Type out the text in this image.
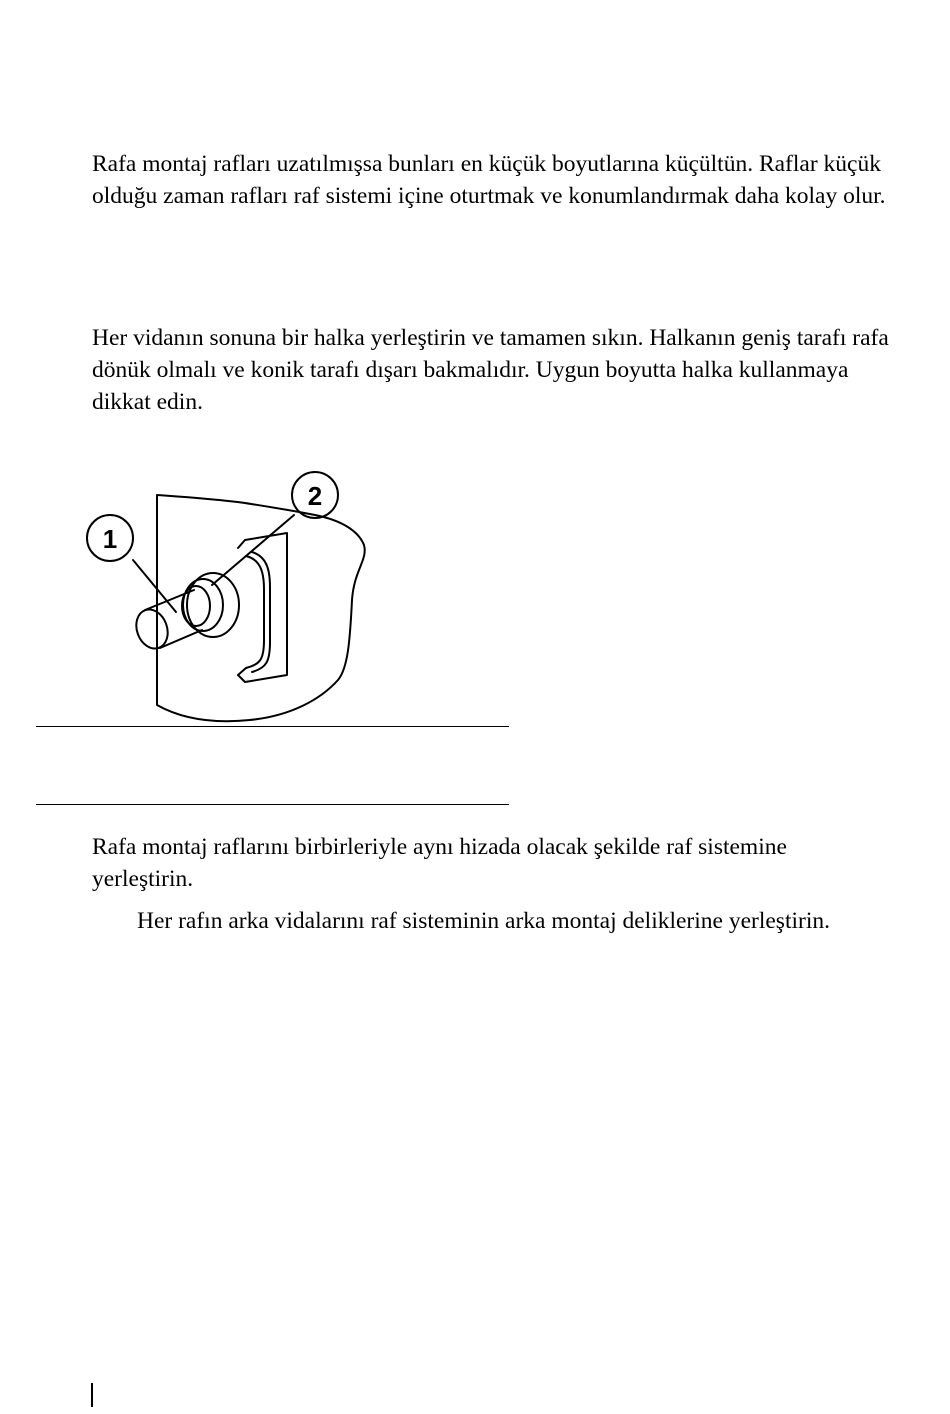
Rafa montaj rafları uzatılmışsa bunları en küçük boyutlarına küçültün. Raflar küçük olduğu zaman rafları raf sistemi içine oturtmak ve konumlandırmak daha kolay olur.

Her vidanın sonuna bir halka yerleştirin ve tamamen sıkın. Halkanın geniş tarafı rafa dönük olmalı ve konik tarafı dışarı bakmalıdır. Uygun boyutta halka kullanmaya dikkat edin.

1
2

Rafa montaj raflarını birbirleriyle aynı hizada olacak şekilde raf sistemine yerleştirin.

Her rafın arka vidalarını raf sisteminin arka montaj deliklerine yerleştirin.
